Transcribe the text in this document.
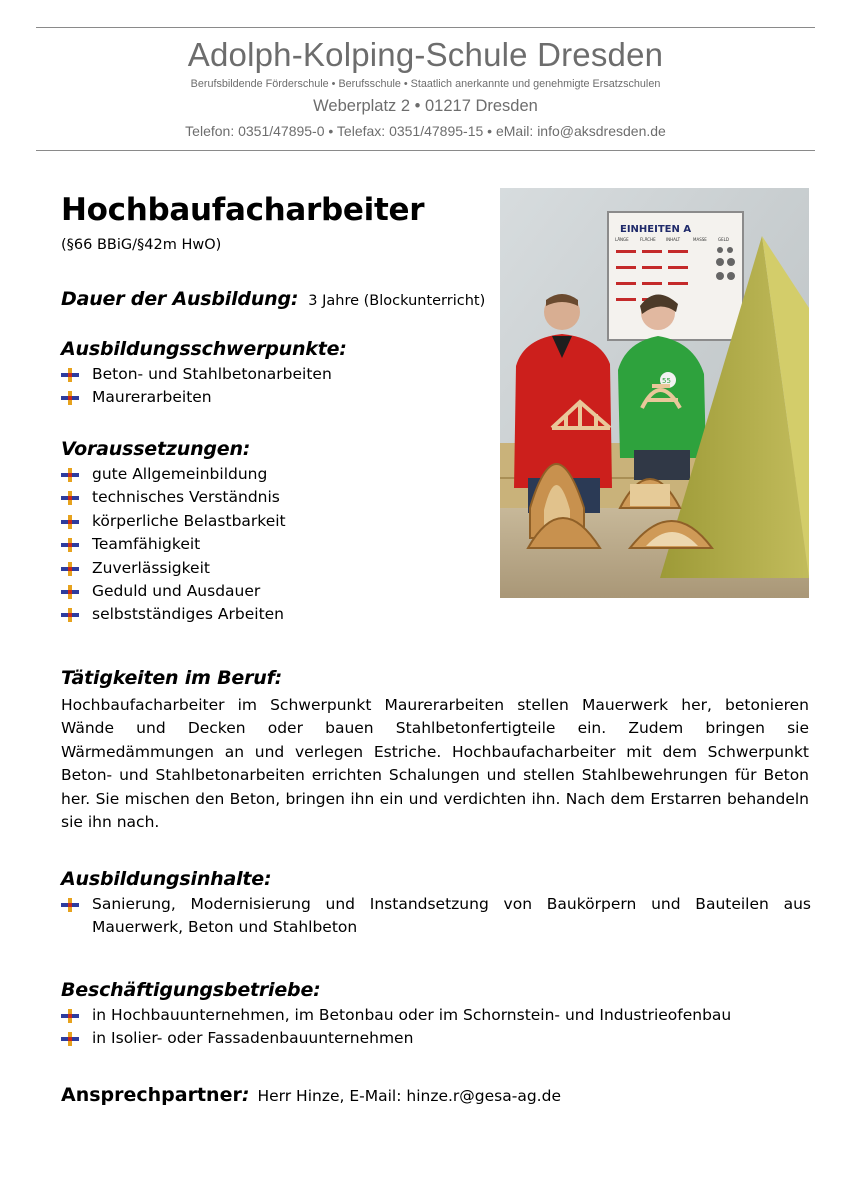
Adolph-Kolping-Schule Dresden
Berufsbildende Förderschule • Berufsschule • Staatlich anerkannte und genehmigte Ersatzschulen
Weberplatz 2 • 01217 Dresden
Telefon: 0351/47895-0 • Telefax: 0351/47895-15 • eMail: info@aksdresden.de
Hochbaufacharbeiter
(§66 BBiG/§42m HwO)
Dauer der Ausbildung: 3 Jahre (Blockunterricht)
Ausbildungsschwerpunkte:
Beton- und Stahlbetonarbeiten
Maurerarbeiten
Voraussetzungen:
gute Allgemeinbildung
technisches Verständnis
körperliche Belastbarkeit
Teamfähigkeit
Zuverlässigkeit
Geduld und Ausdauer
selbstständiges Arbeiten
EINHEITEN A
LÄNGE	FLÄCHE	INHALT	MASSE	GELD
55
Tätigkeiten im Beruf:

Hochbaufacharbeiter im Schwerpunkt Maurerarbeiten stellen Mauerwerk her, betonieren Wände und Decken oder bauen Stahlbetonfertigteile ein. Zudem bringen sie Wärmedämmungen an und verlegen Estriche. Hochbaufacharbeiter mit dem Schwerpunkt Beton- und Stahlbetonarbeiten errichten Schalungen und stellen Stahlbewehrungen für Beton her. Sie mischen den Beton, bringen ihn ein und verdichten ihn. Nach dem Erstarren behandeln sie ihn nach.

Ausbildungsinhalte:
Sanierung, Modernisierung und Instandsetzung von Baukörpern und Bauteilen aus Mauerwerk, Beton und Stahlbeton
Beschäftigungsbetriebe:
in Hochbauunternehmen, im Betonbau oder im Schornstein- und Industrieofenbau
in Isolier- oder Fassadenbauunternehmen
Ansprechpartner: Herr Hinze, E-Mail: hinze.r@gesa-ag.de
